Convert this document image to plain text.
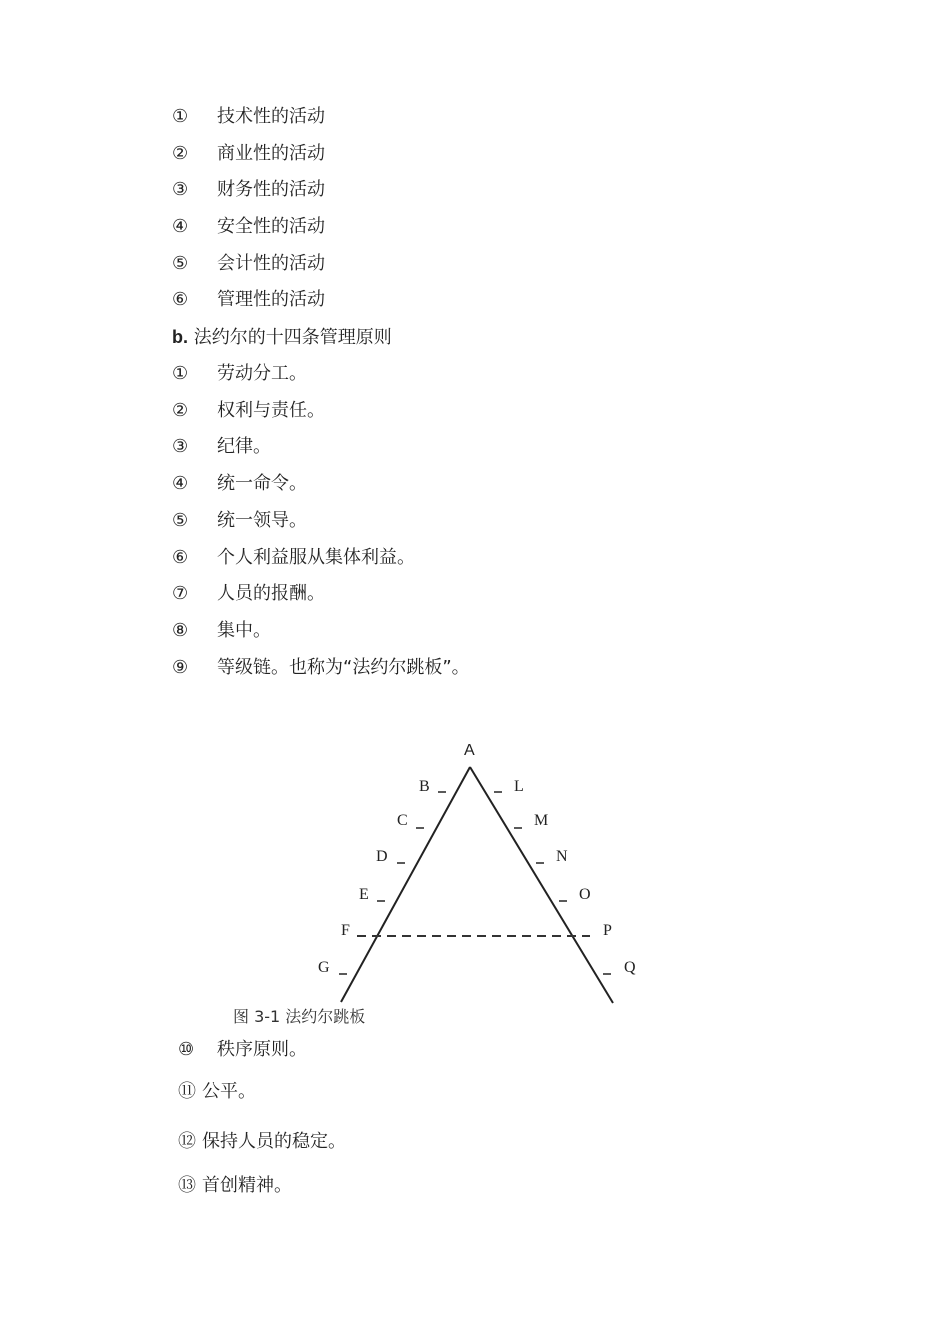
①	技术性的活动
②	商业性的活动
③	财务性的活动
④	安全性的活动
⑤	会计性的活动
⑥	管理性的活动
b. 法约尔的十四条管理原则
①	劳动分工。
②	权利与责任。
③	纪律。
④	统一命令。
⑤	统一领导。
⑥	个人利益服从集体利益。
⑦	人员的报酬。
⑧	集中。
⑨	等级链。也称为“法约尔跳板”。
A
B
C
D
E
F
G
L
M
N
O
P
Q
图 3-1 法约尔跳板
⑩	秩序原则。
⑪ 公平。
⑫ 保持人员的稳定。
⑬ 首创精神。
